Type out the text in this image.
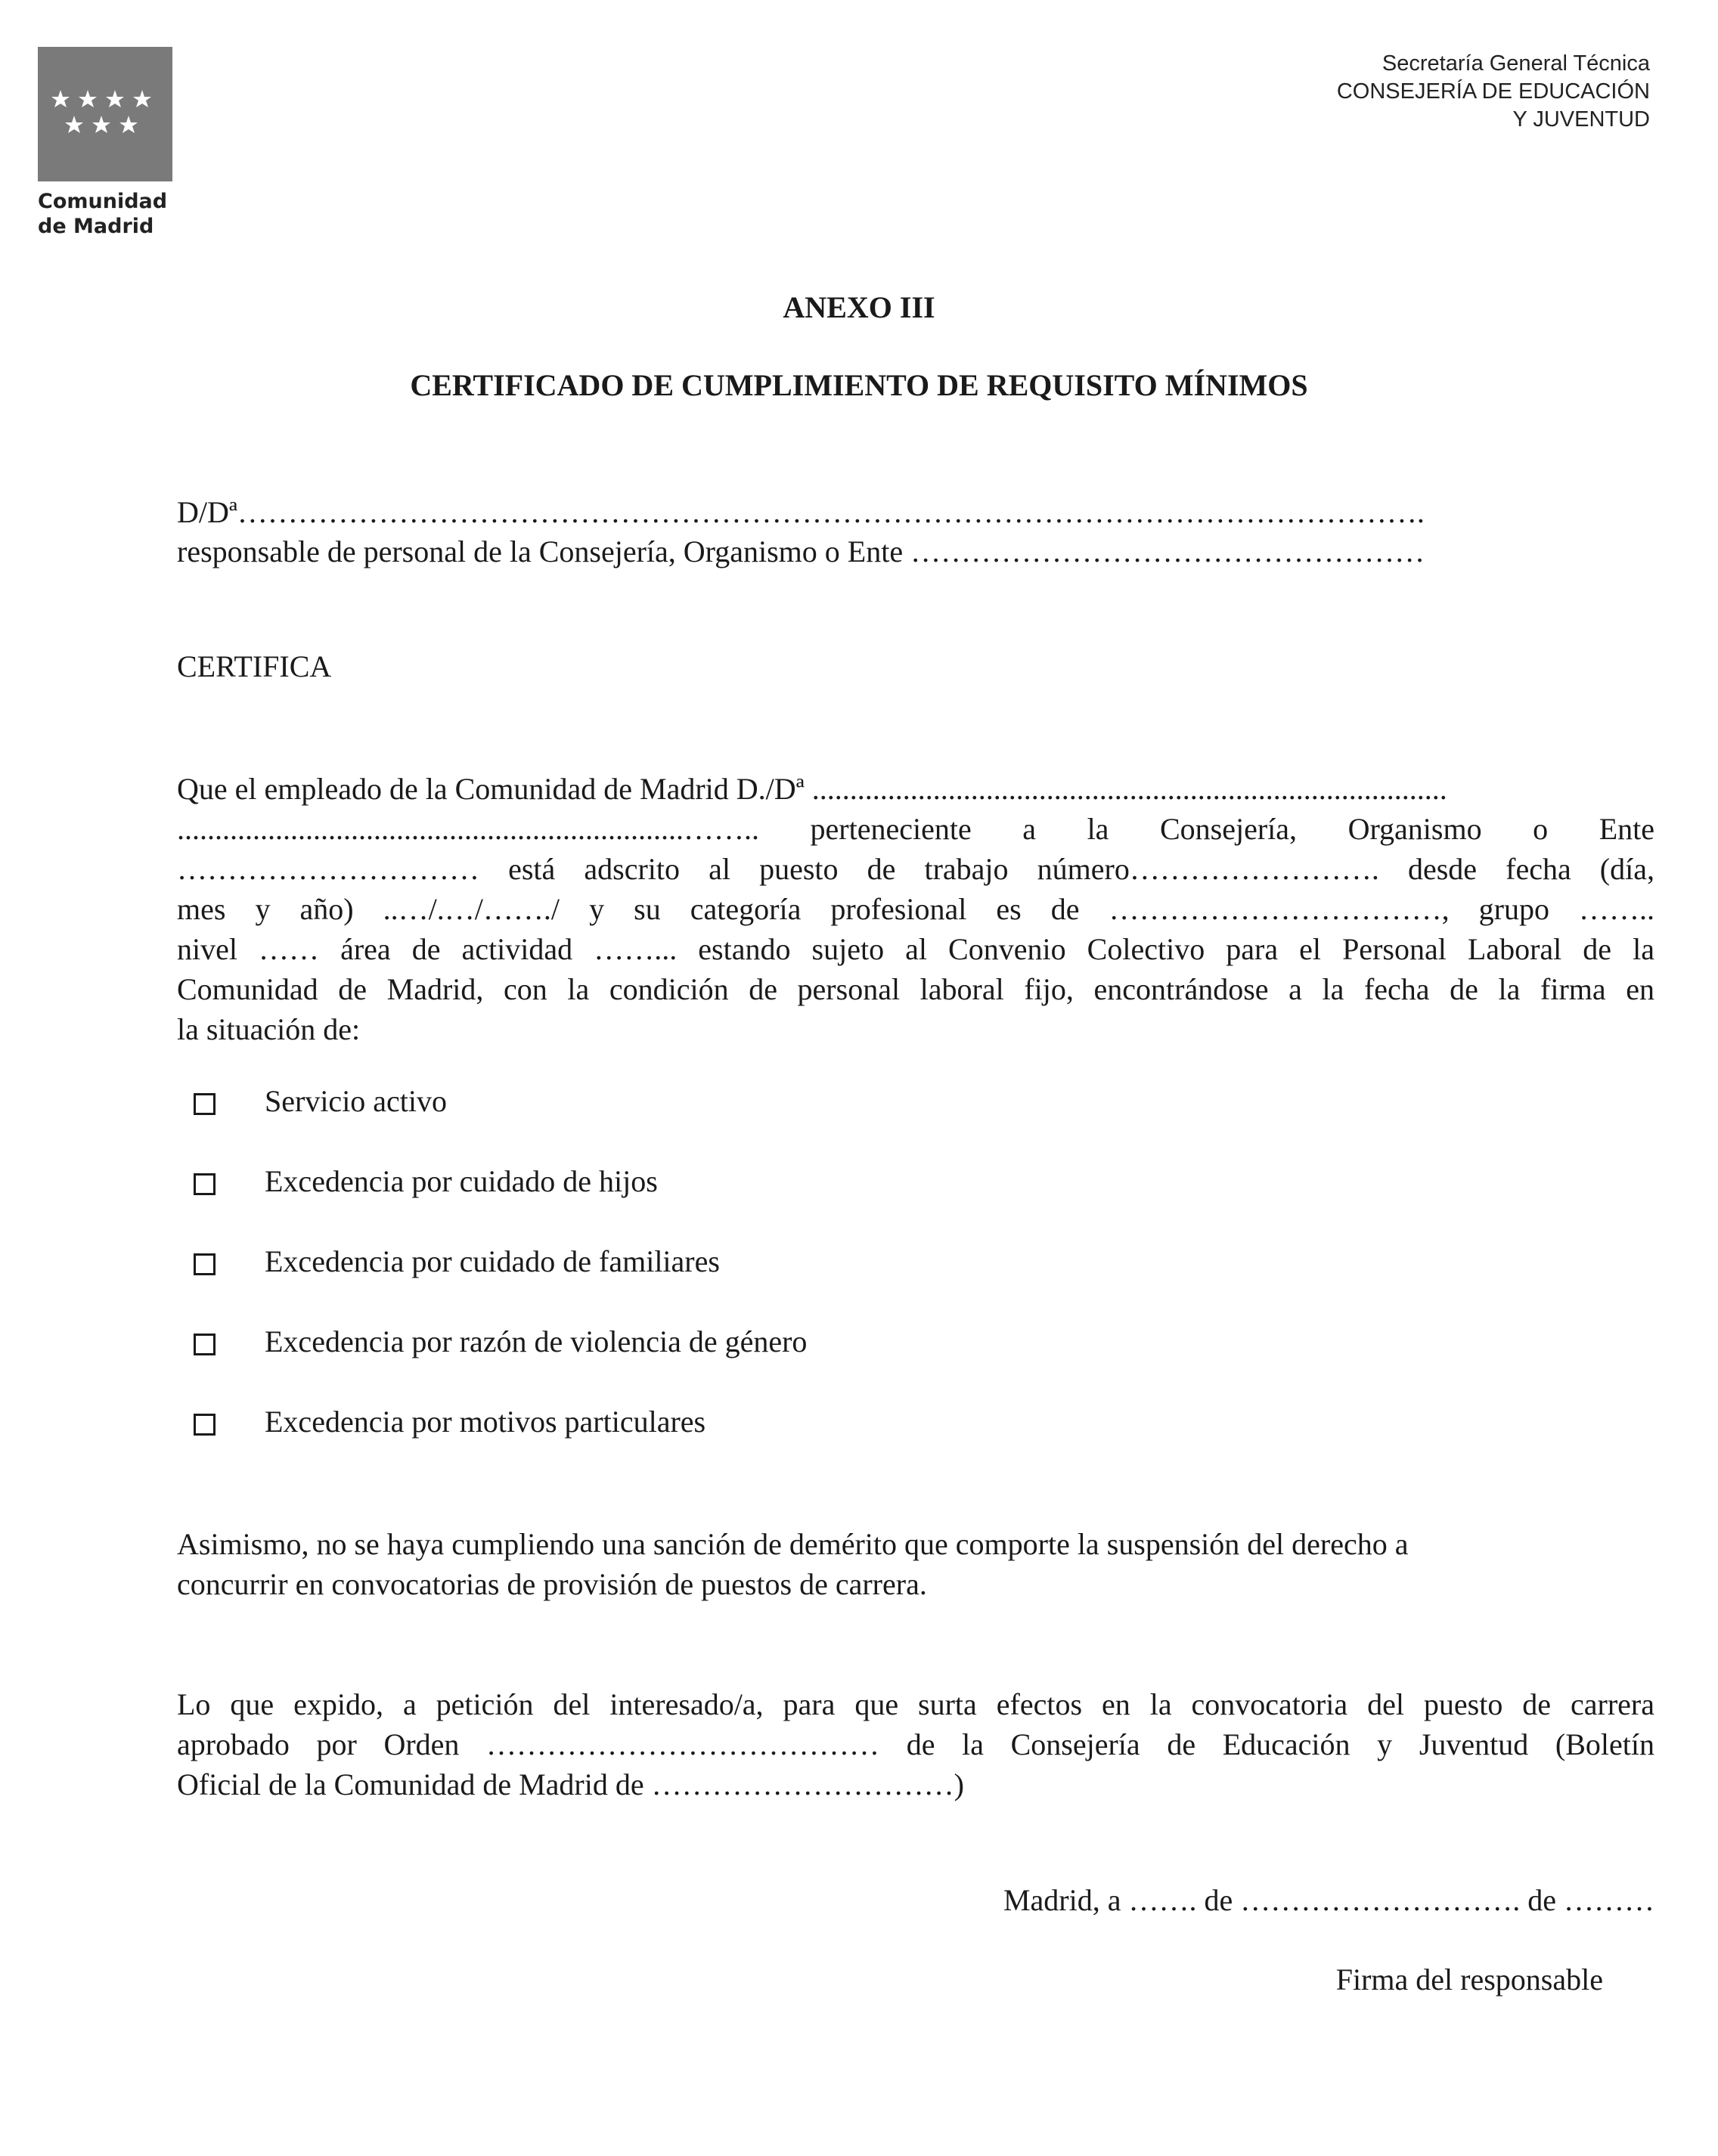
Comunidad
de Madrid
Secretaría General Técnica
CONSEJERÍA DE EDUCACIÓN
Y JUVENTUD
ANEXO III
CERTIFICADO DE CUMPLIMIENTO DE REQUISITO MÍNIMOS
D/Dª……………………………………………………………………………………………………….
responsable de personal de la Consejería, Organismo o Ente ……………………………………………
CERTIFICA
Que el empleado de la Comunidad de Madrid D./Dª ....................................................................................
...................................................................…….. perteneciente a la Consejería, Organismo o Ente
………………………… está adscrito al puesto de trabajo número……………………. desde fecha (día,
mes y año) ..…/.…/……./ y su categoría profesional es de ……………………………, grupo ……..
nivel …… área de actividad ……... estando sujeto al Convenio Colectivo para el Personal Laboral de la
Comunidad de Madrid, con la condición de personal laboral fijo, encontrándose a la fecha de la firma en
la situación de:
Servicio activo
Excedencia por cuidado de hijos
Excedencia por cuidado de familiares
Excedencia por razón de violencia de género
Excedencia por motivos particulares
Asimismo, no se haya cumpliendo una sanción de demérito que comporte la suspensión del derecho a
concurrir en convocatorias de provisión de puestos de carrera.
Lo que expido, a petición del interesado/a, para que surta efectos en la convocatoria del puesto de carrera
aprobado por Orden ………………………………… de la Consejería de Educación y Juventud (Boletín
Oficial de la Comunidad de Madrid de …………………………)
Madrid, a ……. de ………………………. de ………
Firma del responsable
